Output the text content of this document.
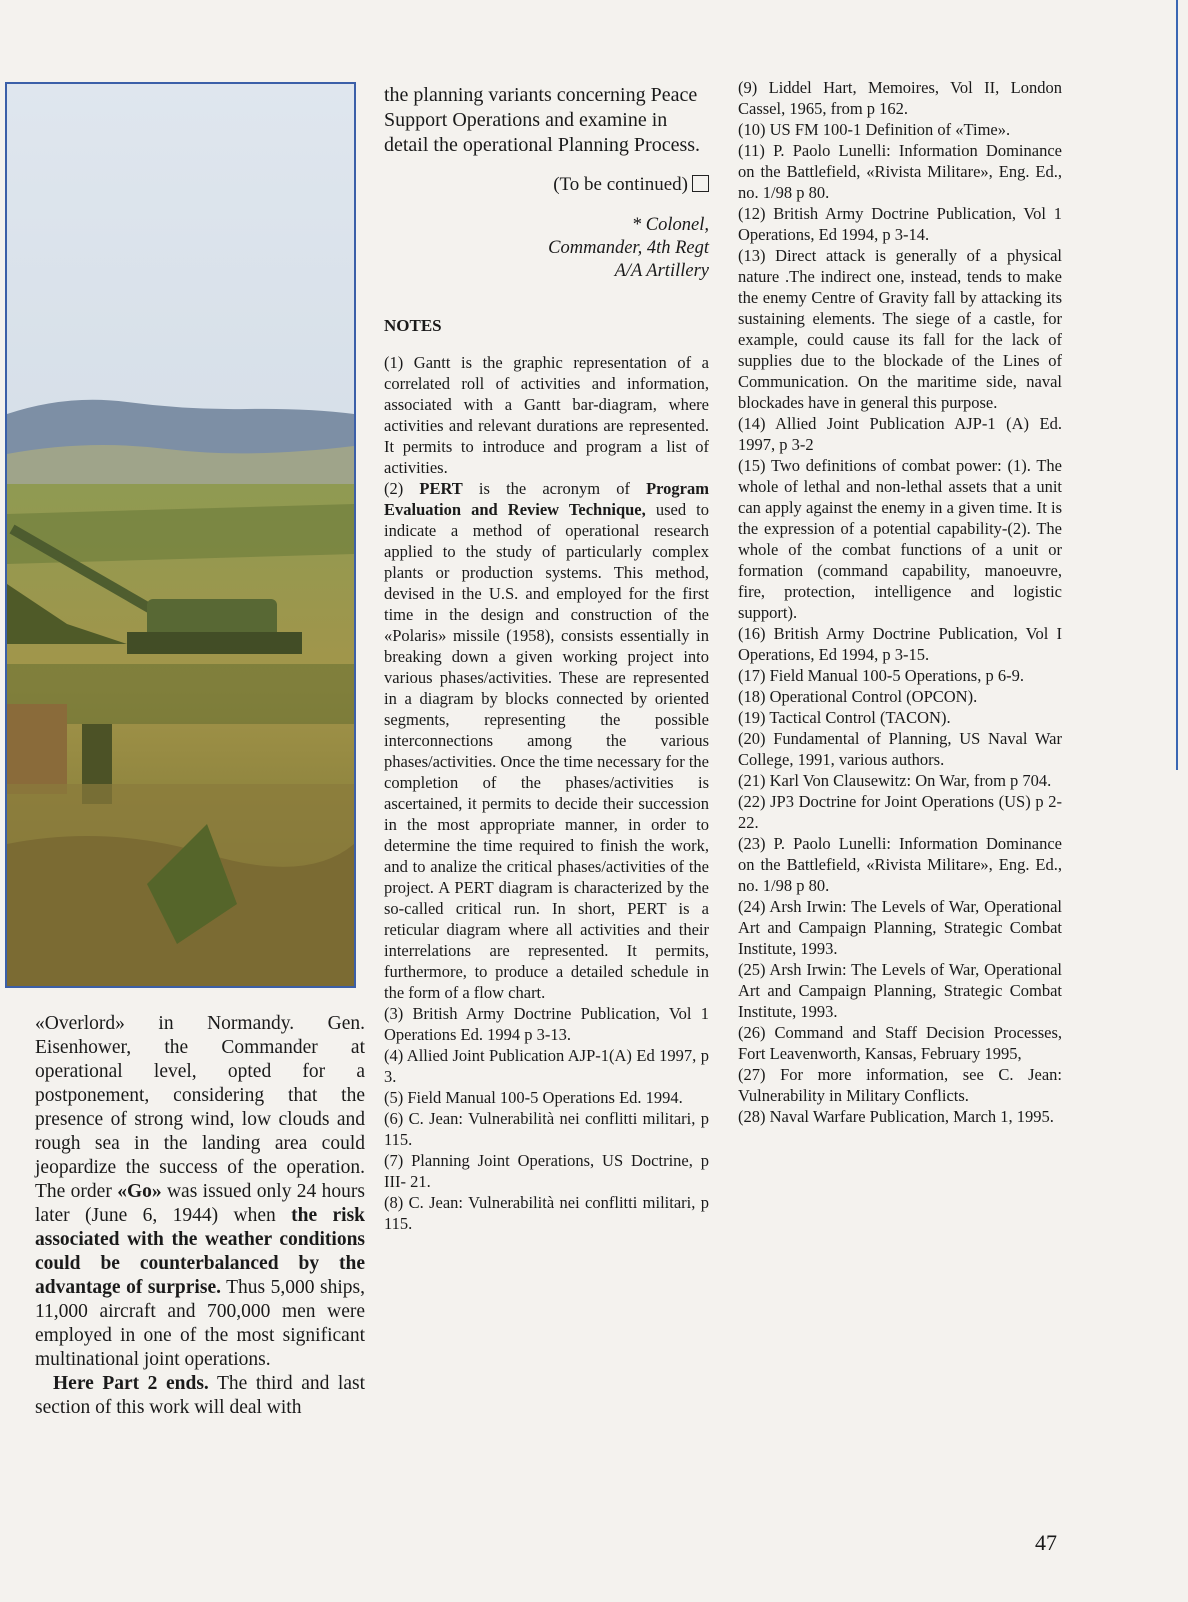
«Overlord» in Normandy. Gen. Eisenhower, the Commander at operational level, opted for a postponement, considering that the presence of strong wind, low clouds and rough sea in the landing area could jeopardize the success of the operation. The order «Go» was issued only 24 hours later (June 6, 1944) when the risk associated with the weather conditions could be counterbalanced by the advantage of surprise. Thus 5,000 ships, 11,000 aircraft and 700,000 men were employed in one of the most significant multinational joint operations.

Here Part 2 ends. The third and last section of this work will deal with

the planning variants concerning Peace Support Operations and examine in detail the operational Planning Process.

(To be continued)

* Colonel,
Commander, 4th Regt
A/A Artillery
NOTES

(1) Gantt is the graphic representation of a correlated roll of activities and information, associated with a Gantt bar-diagram, where activities and relevant durations are represented. It permits to introduce and program a list of activities.

(2) PERT is the acronym of Program Evaluation and Review Technique, used to indicate a method of operational research applied to the study of particularly complex plants or production systems. This method, devised in the U.S. and employed for the first time in the design and construction of the «Polaris» missile (1958), consists essentially in breaking down a given working project into various phases/activities. These are represented in a diagram by blocks connected by oriented segments, representing the possible interconnections among the various phases/activities. Once the time necessary for the completion of the phases/activities is ascertained, it permits to decide their succession in the most appropriate manner, in order to determine the time required to finish the work, and to analize the critical phases/activities of the project. A PERT diagram is characterized by the so-called critical run. In short, PERT is a reticular diagram where all activities and their interrelations are represented. It permits, furthermore, to produce a detailed schedule in the form of a flow chart.

(3) British Army Doctrine Publication, Vol 1 Operations Ed. 1994 p 3-13.

(4) Allied Joint Publication AJP-1(A) Ed 1997, p 3.

(5) Field Manual 100-5 Operations Ed. 1994.

(6) C. Jean: Vulnerabilità nei conflitti militari, p 115.

(7) Planning Joint Operations, US Doctrine, p III- 21.

(8) C. Jean: Vulnerabilità nei conflitti militari, p 115.

(9) Liddel Hart, Memoires, Vol II, London Cassel, 1965, from p 162.

(10) US FM 100-1 Definition of «Time».

(11) P. Paolo Lunelli: Information Dominance on the Battlefield, «Rivista Militare», Eng. Ed., no. 1/98 p 80.

(12) British Army Doctrine Publication, Vol 1 Operations, Ed 1994, p 3-14.

(13) Direct attack is generally of a physical nature .The indirect one, instead, tends to make the enemy Centre of Gravity fall by attacking its sustaining elements. The siege of a castle, for example, could cause its fall for the lack of supplies due to the blockade of the Lines of Communication. On the maritime side, naval blockades have in general this purpose.

(14) Allied Joint Publication AJP-1 (A) Ed. 1997, p 3-2

(15) Two definitions of combat power: (1). The whole of lethal and non-lethal assets that a unit can apply against the enemy in a given time. It is the expression of a potential capability-(2). The whole of the combat functions of a unit or formation (command capability, manoeuvre, fire, protection, intelligence and logistic support).

(16) British Army Doctrine Publication, Vol I Operations, Ed 1994, p 3-15.

(17) Field Manual 100-5 Operations, p 6-9.

(18) Operational Control (OPCON).

(19) Tactical Control (TACON).

(20) Fundamental of Planning, US Naval War College, 1991, various authors.

(21) Karl Von Clausewitz: On War, from p 704.

(22) JP3 Doctrine for Joint Operations (US) p 2-22.

(23) P. Paolo Lunelli: Information Dominance on the Battlefield, «Rivista Militare», Eng. Ed., no. 1/98 p 80.

(24) Arsh Irwin: The Levels of War, Operational Art and Campaign Planning, Strategic Combat Institute, 1993.

(25) Arsh Irwin: The Levels of War, Operational Art and Campaign Planning, Strategic Combat Institute, 1993.

(26) Command and Staff Decision Processes, Fort Leavenworth, Kansas, February 1995,

(27) For more information, see C. Jean: Vulnerability in Military Conflicts.

(28) Naval Warfare Publication, March 1, 1995.

47
